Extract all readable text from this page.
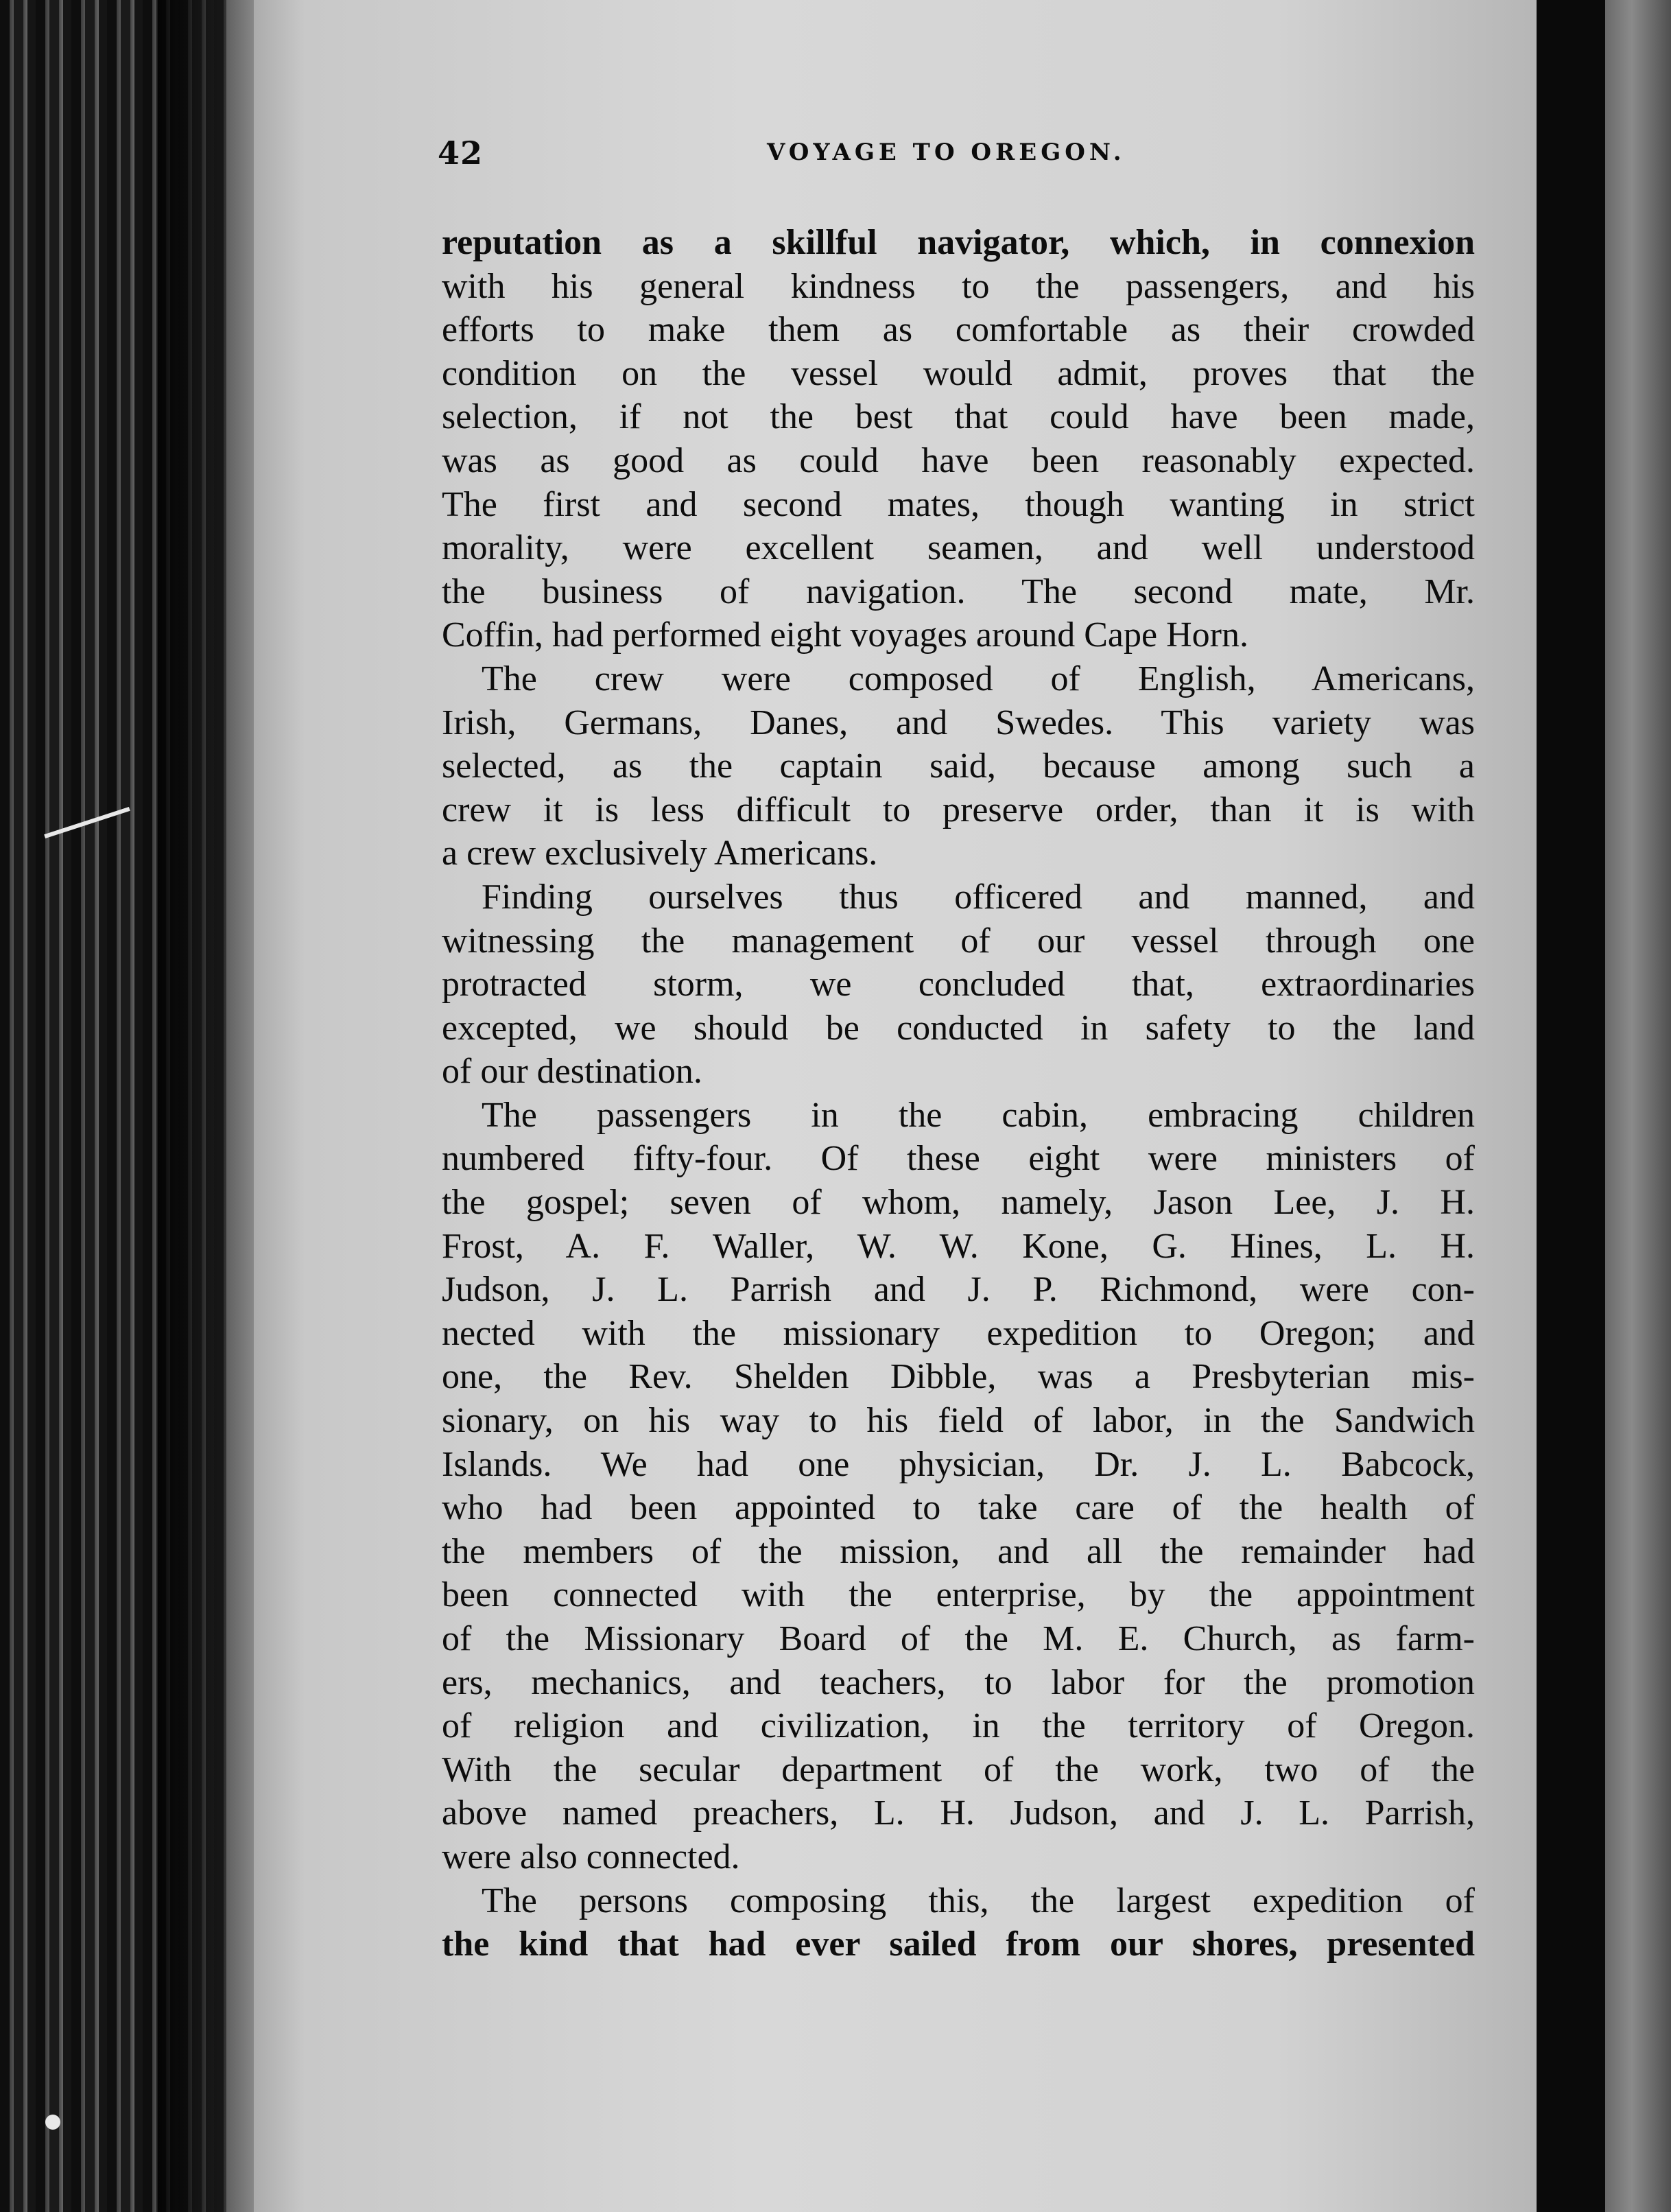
42	VOYAGE TO OREGON.
reputation as a skillful navigator, which, in connexion
with his general kindness to the passengers, and his
efforts to make them as comfortable as their crowded
condition on the vessel would admit, proves that the
selection, if not the best that could have been made,
was as good as could have been reasonably expected.
The first and second mates, though wanting in strict
morality, were excellent seamen, and well understood
the business of navigation. The second mate, Mr.
Coffin, had performed eight voyages around Cape Horn.
The crew were composed of English, Americans,
Irish, Germans, Danes, and Swedes. This variety was
selected, as the captain said, because among such a
crew it is less difficult to preserve order, than it is with
a crew exclusively Americans.
Finding ourselves thus officered and manned, and
witnessing the management of our vessel through one
protracted storm, we concluded that, extraordinaries
excepted, we should be conducted in safety to the land
of our destination.
The passengers in the cabin, embracing children
numbered fifty-four. Of these eight were ministers of
the gospel; seven of whom, namely, Jason Lee, J. H.
Frost, A. F. Waller, W. W. Kone, G. Hines, L. H.
Judson, J. L. Parrish and J. P. Richmond, were con-
nected with the missionary expedition to Oregon; and
one, the Rev. Shelden Dibble, was a Presbyterian mis-
sionary, on his way to his field of labor, in the Sandwich
Islands. We had one physician, Dr. J. L. Babcock,
who had been appointed to take care of the health of
the members of the mission, and all the remainder had
been connected with the enterprise, by the appointment
of the Missionary Board of the M. E. Church, as farm-
ers, mechanics, and teachers, to labor for the promotion
of religion and civilization, in the territory of Oregon.
With the secular department of the work, two of the
above named preachers, L. H. Judson, and J. L. Parrish,
were also connected.
The persons composing this, the largest expedition of
the kind that had ever sailed from our shores, presented
